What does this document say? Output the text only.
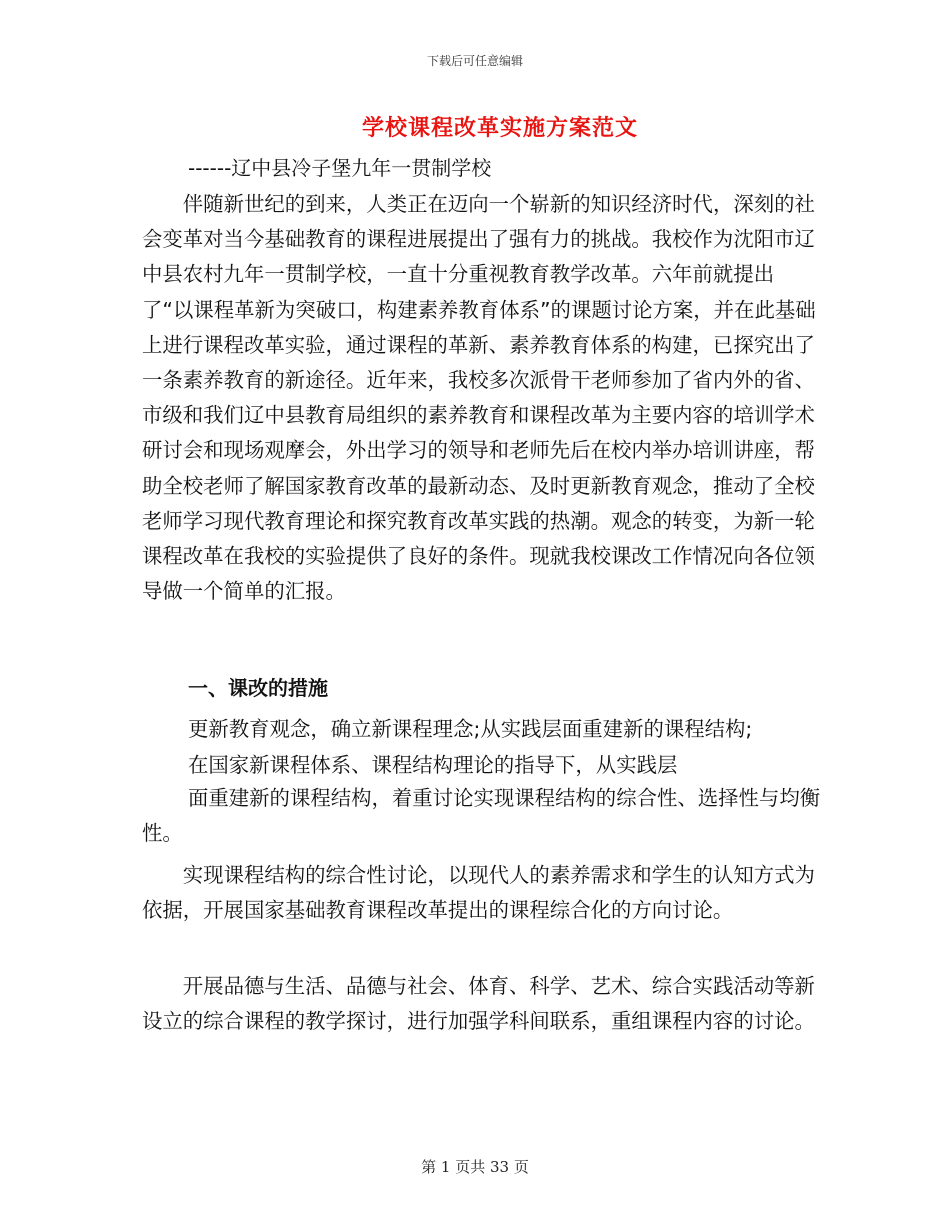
下载后可任意编辑
学校课程改革实施方案范文
------辽中县冷子堡九年一贯制学校

伴随新世纪的到来，人类正在迈向一个崭新的知识经济时代，深刻的社会变革对当今基础教育的课程进展提出了强有力的挑战。我校作为沈阳市辽中县农村九年一贯制学校，一直十分重视教育教学改革。六年前就提出了“以课程革新为突破口，构建素养教育体系”的课题讨论方案，并在此基础上进行课程改革实验，通过课程的革新、素养教育体系的构建，已探究出了一条素养教育的新途径。近年来，我校多次派骨干老师参加了省内外的省、市级和我们辽中县教育局组织的素养教育和课程改革为主要内容的培训学术研讨会和现场观摩会，外出学习的领导和老师先后在校内举办培训讲座，帮助全校老师了解国家教育改革的最新动态、及时更新教育观念，推动了全校老师学习现代教育理论和探究教育改革实践的热潮。观念的转变，为新一轮课程改革在我校的实验提供了良好的条件。现就我校课改工作情况向各位领导做一个简单的汇报。

一、课改的措施
更新教育观念，确立新课程理念;从实践层面重建新的课程结构;
在国家新课程体系、课程结构理论的指导下，从实践层

面重建新的课程结构，着重讨论实现课程结构的综合性、选择性与均衡性。

实现课程结构的综合性讨论，以现代人的素养需求和学生的认知方式为依据，开展国家基础教育课程改革提出的课程综合化的方向讨论。

开展品德与生活、品德与社会、体育、科学、艺术、综合实践活动等新设立的综合课程的教学探讨，进行加强学科间联系，重组课程内容的讨论。

第 1 页共 33 页
